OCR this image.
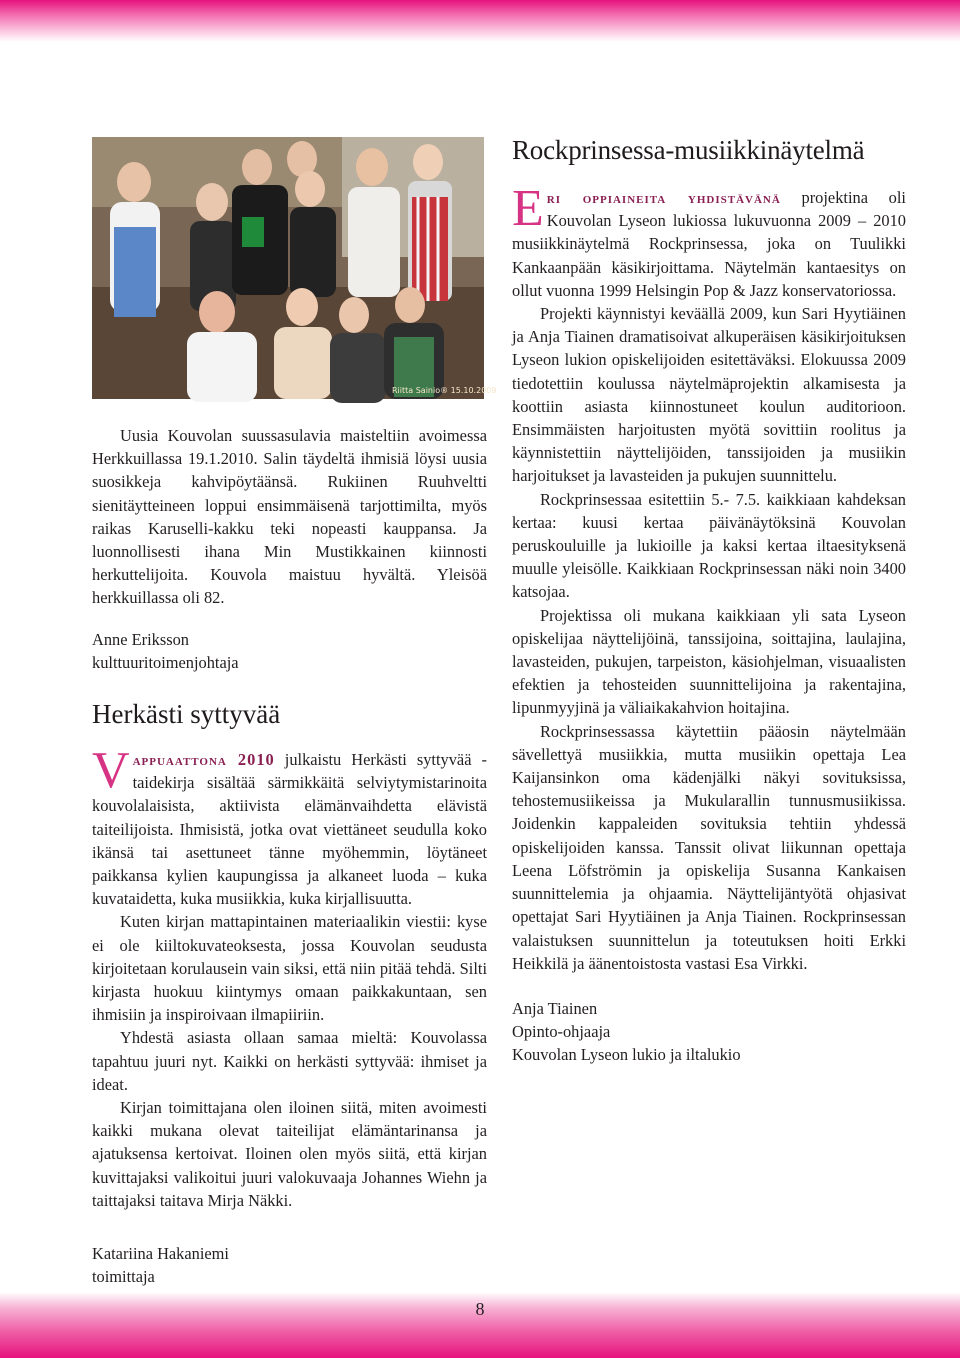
Riitta Sainio® 15.10.2009

Uusia Kouvolan suussasulavia maisteltiin avoimessa Herkkuillassa 19.1.2010. Salin täydeltä ihmisiä löysi uusia suosikkeja kahvipöytäänsä. Rukiinen Ruuhveltti sienitäytteineen loppui ensimmäisenä tarjottimilta, myös raikas Karuselli-kakku teki nopeasti kauppansa. Ja luonnollisesti ihana Min Mustikkainen kiinnosti herkuttelijoita. Kouvola maistuu hyvältä. Yleisöä herkkuillassa oli 82.

Anne Eriksson
kulttuuritoimenjohtaja

Herkästi syttyvää

Vappuaattona 2010 julkaistu Herkästi syttyvää -taidekirja sisältää särmikkäitä selviytymistarinoita kouvolalaisista, aktiivista elämänvaihdetta elävistä taiteilijoista. Ihmisistä, jotka ovat viettäneet seudulla koko ikänsä tai asettuneet tänne myöhemmin, löytäneet paikkansa kylien kaupungissa ja alkaneet luoda – kuka kuvataidetta, kuka musiikkia, kuka kirjallisuutta.

Kuten kirjan mattapintainen materiaalikin viestii: kyse ei ole kiiltokuvateoksesta, jossa Kouvolan seudusta kirjoitetaan korulausein vain siksi, että niin pitää tehdä. Silti kirjasta huokuu kiintymys omaan paikkakuntaan, sen ihmisiin ja inspiroivaan ilmapiiriin.

Yhdestä asiasta ollaan samaa mieltä: Kouvolassa tapahtuu juuri nyt. Kaikki on herkästi syttyvää: ihmiset ja ideat.

Kirjan toimittajana olen iloinen siitä, miten avoimesti kaikki mukana olevat taiteilijat elämäntarinansa ja ajatuksensa kertoivat. Iloinen olen myös siitä, että kirjan kuvittajaksi valikoitui juuri valokuvaaja Johannes Wiehn ja taittajaksi taitava Mirja Näkki.

Katariina Hakaniemi
toimittaja
Rockprinsessa-musiikkinäytelmä

Eri oppiaineita yhdistävänä projektina oli Kouvolan Lyseon lukiossa lukuvuonna 2009 – 2010 musiikkinäytelmä Rockprinsessa, joka on Tuulikki Kankaanpään käsikirjoittama. Näytelmän kantaesitys on ollut vuonna 1999 Helsingin Pop & Jazz konservatoriossa.

Projekti käynnistyi keväällä 2009, kun Sari Hyytiäinen ja Anja Tiainen dramatisoivat alkuperäisen käsikirjoituksen Lyseon lukion opiskelijoiden esitettäväksi. Elokuussa 2009 tiedotettiin koulussa näytelmäprojektin alkamisesta ja koottiin asiasta kiinnostuneet koulun auditorioon. Ensimmäisten harjoitusten myötä sovittiin roolitus ja käynnistettiin näyttelijöiden, tanssijoiden ja musiikin harjoitukset ja lavasteiden ja pukujen suunnittelu.

Rockprinsessaa esitettiin 5.- 7.5. kaikkiaan kahdeksan kertaa: kuusi kertaa päivänäytöksinä Kouvolan peruskouluille ja lukioille ja kaksi kertaa iltaesityksenä muulle yleisölle. Kaikkiaan Rockprinsessan näki noin 3400 katsojaa.

Projektissa oli mukana kaikkiaan yli sata Lyseon opiskelijaa näyttelijöinä, tanssijoina, soittajina, laulajina, lavasteiden, pukujen, tarpeiston, käsiohjelman, visuaalisten efektien ja tehosteiden suunnittelijoina ja rakentajina, lipunmyyjinä ja väliaikakahvion hoitajina.

Rockprinsessassa käytettiin pääosin näytelmään sävellettyä musiikkia, mutta musiikin opettaja Lea Kaijansinkon oma kädenjälki näkyi sovituksissa, tehostemusiikeissa ja Mukularallin tunnusmusiikissa. Joidenkin kappaleiden sovituksia tehtiin yhdessä opiskelijoiden kanssa. Tanssit olivat liikunnan opettaja Leena Löfströmin ja opiskelija Susanna Kankaisen suunnittelemia ja ohjaamia. Näyttelijäntyötä ohjasivat opettajat Sari Hyytiäinen ja Anja Tiainen. Rockprinsessan valaistuksen suunnittelun ja toteutuksen hoiti Erkki Heikkilä ja äänentoistosta vastasi Esa Virkki.

Anja Tiainen
Opinto-ohjaaja
Kouvolan Lyseon lukio ja iltalukio

8
